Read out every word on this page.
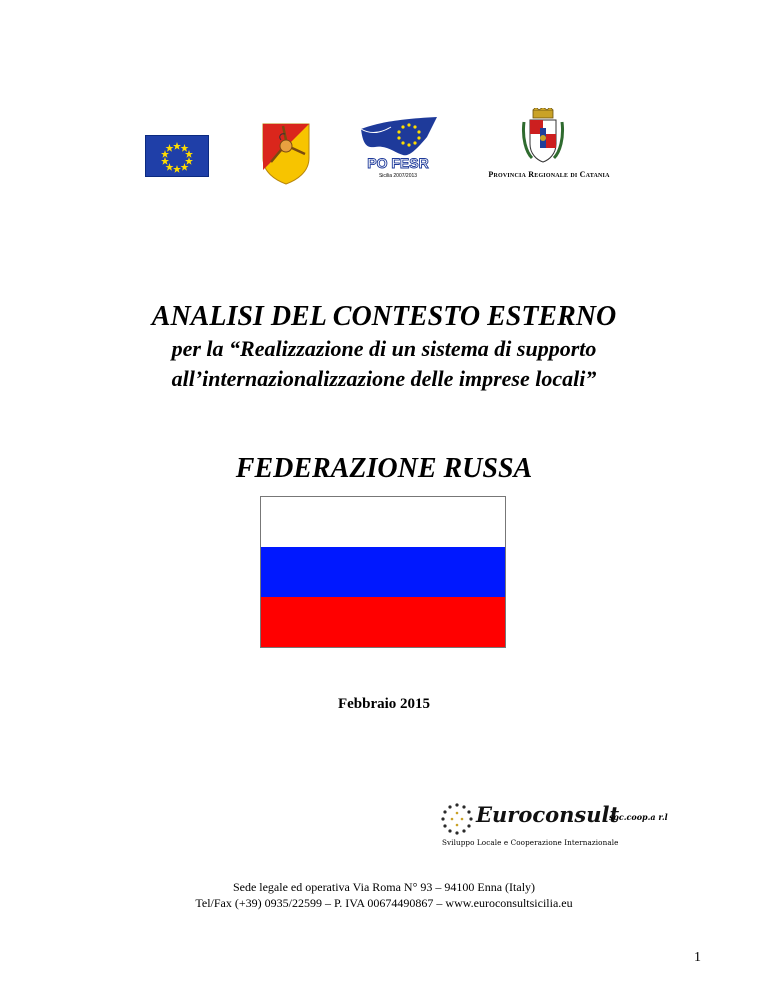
PO FESR
Sicilia 2007/2013	Provincia Regionale di Catania
ANALISI DEL CONTESTO ESTERNO
per la “Realizzazione di un sistema di supporto
all’internazionalizzazione delle imprese locali”
FEDERAZIONE RUSSA
Febbraio 2015
Euroconsult
soc.coop.a r.l
Sviluppo Locale e Cooperazione Internazionale
Sede legale ed operativa Via Roma N° 93 – 94100 Enna (Italy)
Tel/Fax (+39) 0935/22599 – P. IVA 00674490867 – www.euroconsultsicilia.eu
1
